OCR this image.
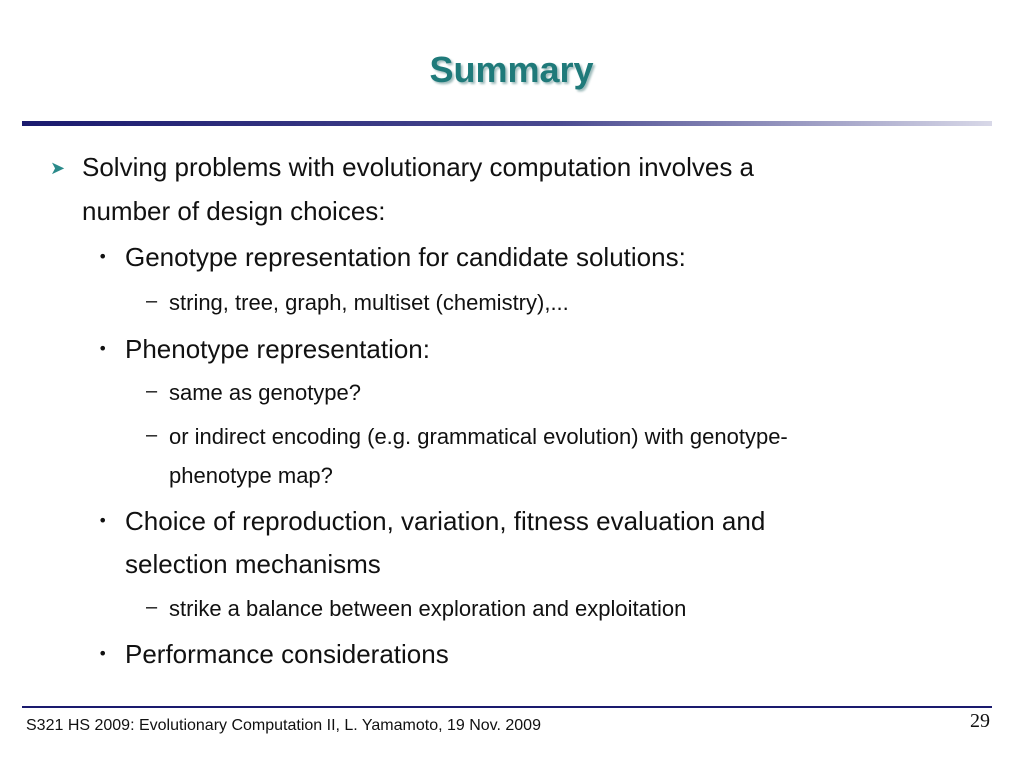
Summary
➤ Solving problems with evolutionary computation involves a
number of design choices:
• Genotype representation for candidate solutions:
– string, tree, graph, multiset (chemistry),...
• Phenotype representation:
– same as genotype?
– or indirect encoding (e.g. grammatical evolution) with genotype-
phenotype map?
• Choice of reproduction, variation, fitness evaluation and
selection mechanisms
– strike a balance between exploration and exploitation
• Performance considerations
S321 HS 2009: Evolutionary Computation II, L. Yamamoto, 19 Nov. 2009	29
